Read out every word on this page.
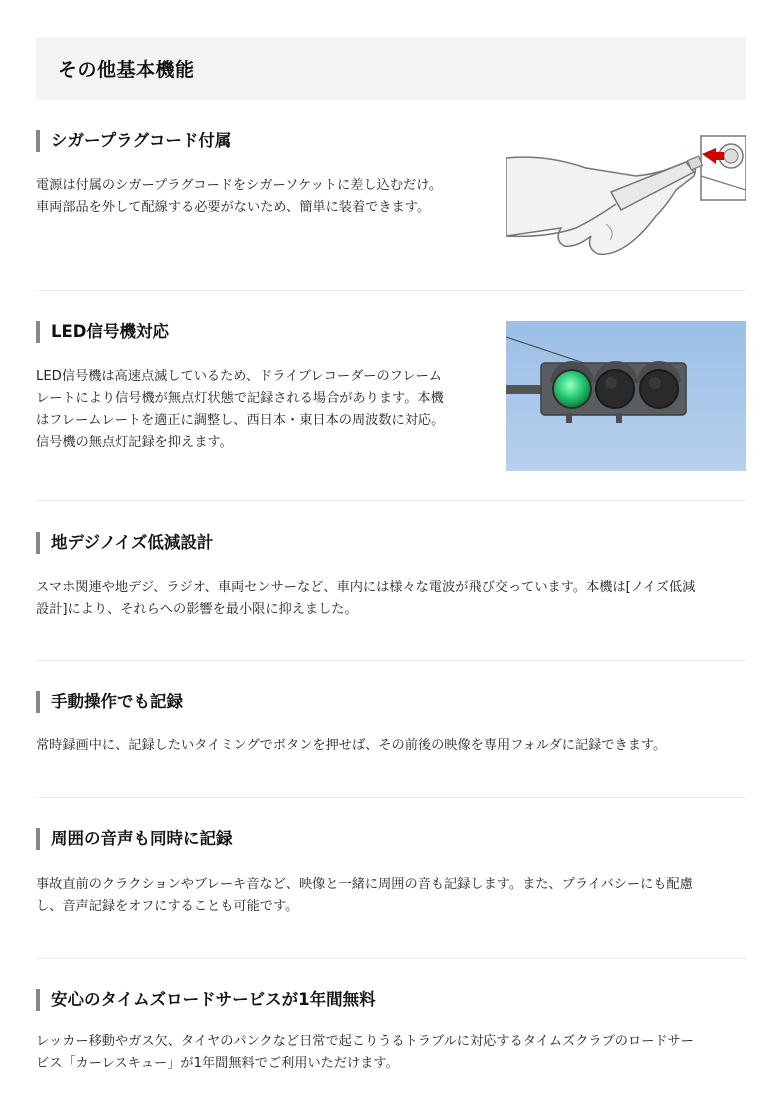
その他基本機能
シガープラグコード付属

電源は付属のシガープラグコードをシガーソケットに差し込むだけ。
車両部品を外して配線する必要がないため、簡単に装着できます。

LED信号機対応

LED信号機は高速点滅しているため、ドライブレコーダーのフレーム
レートにより信号機が無点灯状態で記録される場合があります。本機
はフレームレートを適正に調整し、西日本・東日本の周波数に対応。
信号機の無点灯記録を抑えます。

地デジノイズ低減設計

スマホ関連や地デジ、ラジオ、車両センサーなど、車内には様々な電波が飛び交っています。本機は[ノイズ低減
設計]により、それらへの影響を最小限に抑えました。

手動操作でも記録

常時録画中に、記録したいタイミングでボタンを押せば、その前後の映像を専用フォルダに記録できます。

周囲の音声も同時に記録

事故直前のクラクションやブレーキ音など、映像と一緒に周囲の音も記録します。また、プライバシーにも配慮
し、音声記録をオフにすることも可能です。

安心のタイムズロードサービスが1年間無料

レッカー移動やガス欠、タイヤのパンクなど日常で起こりうるトラブルに対応するタイムズクラブのロードサー
ビス「カーレスキュー」が1年間無料でご利用いただけます。
